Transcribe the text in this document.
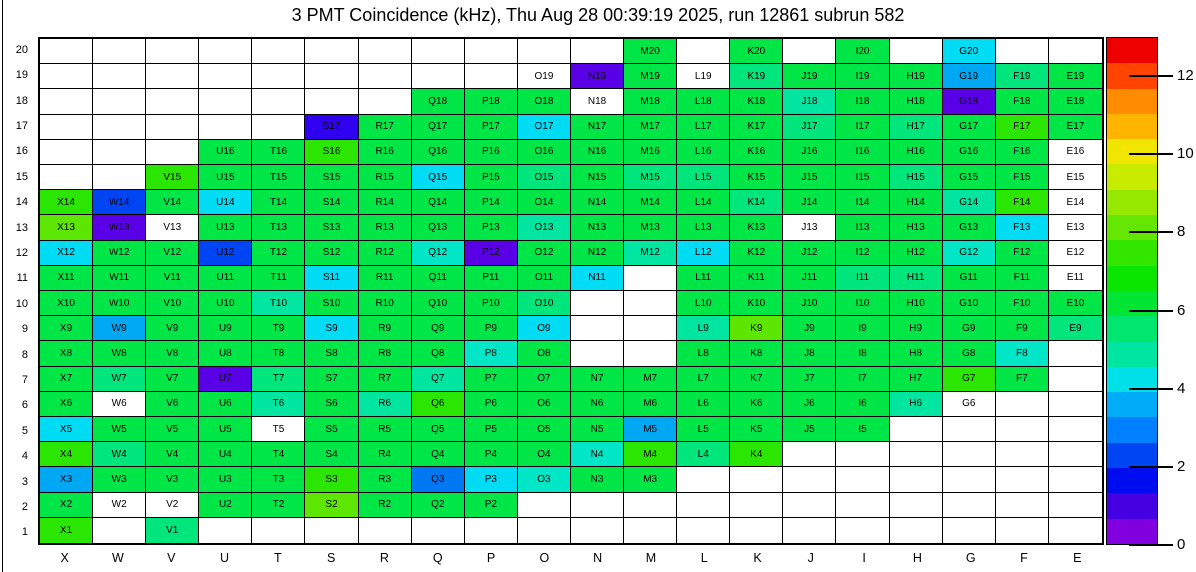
3 PMT Coincidence (kHz), Thu Aug 28 00:39:19 2025, run 12861 subrun 582
20
19
18
17
16
15
14
13
12
11
10
9
8
7
6
5
4
3
2
1
M20	K20	I20	G20
O19	N19	M19	L19	K19	J19	I19	H19	G19	F19	E19
Q18	P18	O18	N18	M18	L18	K18	J18	I18	H18	G18	F18	E18
S17	R17	Q17	P17	O17	N17	M17	L17	K17	J17	I17	H17	G17	F17	E17
U16	T16	S16	R16	Q16	P16	O16	N16	M16	L16	K16	J16	I16	H16	G16	F16	E16
V15	U15	T15	S15	R15	Q15	P15	O15	N15	M15	L15	K15	J15	I15	H15	G15	F15	E15
X14	W14	V14	U14	T14	S14	R14	Q14	P14	O14	N14	M14	L14	K14	J14	I14	H14	G14	F14	E14
X13	W13	V13	U13	T13	S13	R13	Q13	P13	O13	N13	M13	L13	K13	J13	I13	H13	G13	F13	E13
X12	W12	V12	U12	T12	S12	R12	Q12	P12	O12	N12	M12	L12	K12	J12	I12	H12	G12	F12	E12
X11	W11	V11	U11	T11	S11	R11	Q11	P11	O11	N11	L11	K11	J11	I11	H11	G11	F11	E11
X10	W10	V10	U10	T10	S10	R10	Q10	P10	O10	L10	K10	J10	I10	H10	G10	F10	E10
X9	W9	V9	U9	T9	S9	R9	Q9	P9	O9	L9	K9	J9	I9	H9	G9	F9	E9
X8	W8	V8	U8	T8	S8	R8	Q8	P8	O8	L8	K8	J8	I8	H8	G8	F8
X7	W7	V7	U7	T7	S7	R7	Q7	P7	O7	N7	M7	L7	K7	J7	I7	H7	G7	F7
X6	W6	V6	U6	T6	S6	R6	Q6	P6	O6	N6	M6	L6	K6	J6	I6	H6	G6
X5	W5	V5	U5	T5	S5	R5	Q5	P5	O5	N5	M5	L5	K5	J5	I5
X4	W4	V4	U4	T4	S4	R4	Q4	P4	O4	N4	M4	L4	K4
X3	W3	V3	U3	T3	S3	R3	Q3	P3	O3	N3	M3
X2	W2	V2	U2	T2	S2	R2	Q2	P2
X1	V1
X	W	V	U	T	S	R	Q	P	O	N	M	L	K	J	I	H	G	F	E
12
10
8
6
4
2
0
